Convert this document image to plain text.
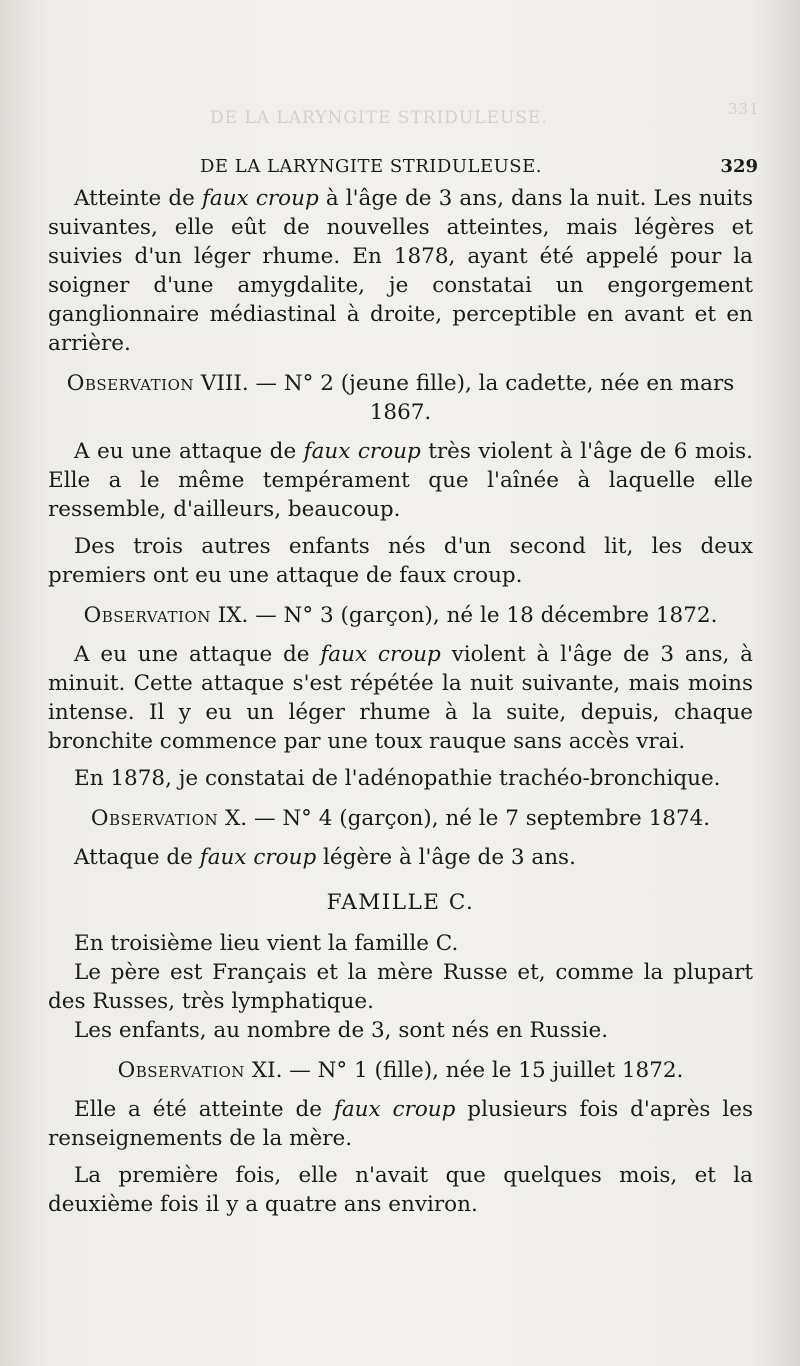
DE LA LARYNGITE STRIDULEUSE.	331
DE LA LARYNGITE STRIDULEUSE.	329

Atteinte de faux croup à l'âge de 3 ans, dans la nuit. Les nuits suivantes, elle eût de nouvelles atteintes, mais légères et suivies d'un léger rhume. En 1878, ayant été appelé pour la soigner d'une amygdalite, je constatai un engorgement ganglionnaire médiastinal à droite, perceptible en avant et en arrière.

Observation VIII. — N° 2 (jeune fille), la cadette, née en mars 1867.

A eu une attaque de faux croup très violent à l'âge de 6 mois. Elle a le même tempérament que l'aînée à laquelle elle ressemble, d'ailleurs, beaucoup.

Des trois autres enfants nés d'un second lit, les deux premiers ont eu une attaque de faux croup.

Observation IX. — N° 3 (garçon), né le 18 décembre 1872.

A eu une attaque de faux croup violent à l'âge de 3 ans, à minuit. Cette attaque s'est répétée la nuit suivante, mais moins intense. Il y eu un léger rhume à la suite, depuis, chaque bronchite commence par une toux rauque sans accès vrai.

En 1878, je constatai de l'adénopathie trachéo-bronchique.

Observation X. — N° 4 (garçon), né le 7 septembre 1874.

Attaque de faux croup légère à l'âge de 3 ans.

FAMILLE C.

En troisième lieu vient la famille C.

Le père est Français et la mère Russe et, comme la plupart des Russes, très lymphatique.

Les enfants, au nombre de 3, sont nés en Russie.

Observation XI. — N° 1 (fille), née le 15 juillet 1872.

Elle a été atteinte de faux croup plusieurs fois d'après les renseignements de la mère.

La première fois, elle n'avait que quelques mois, et la deuxième fois il y a quatre ans environ.
